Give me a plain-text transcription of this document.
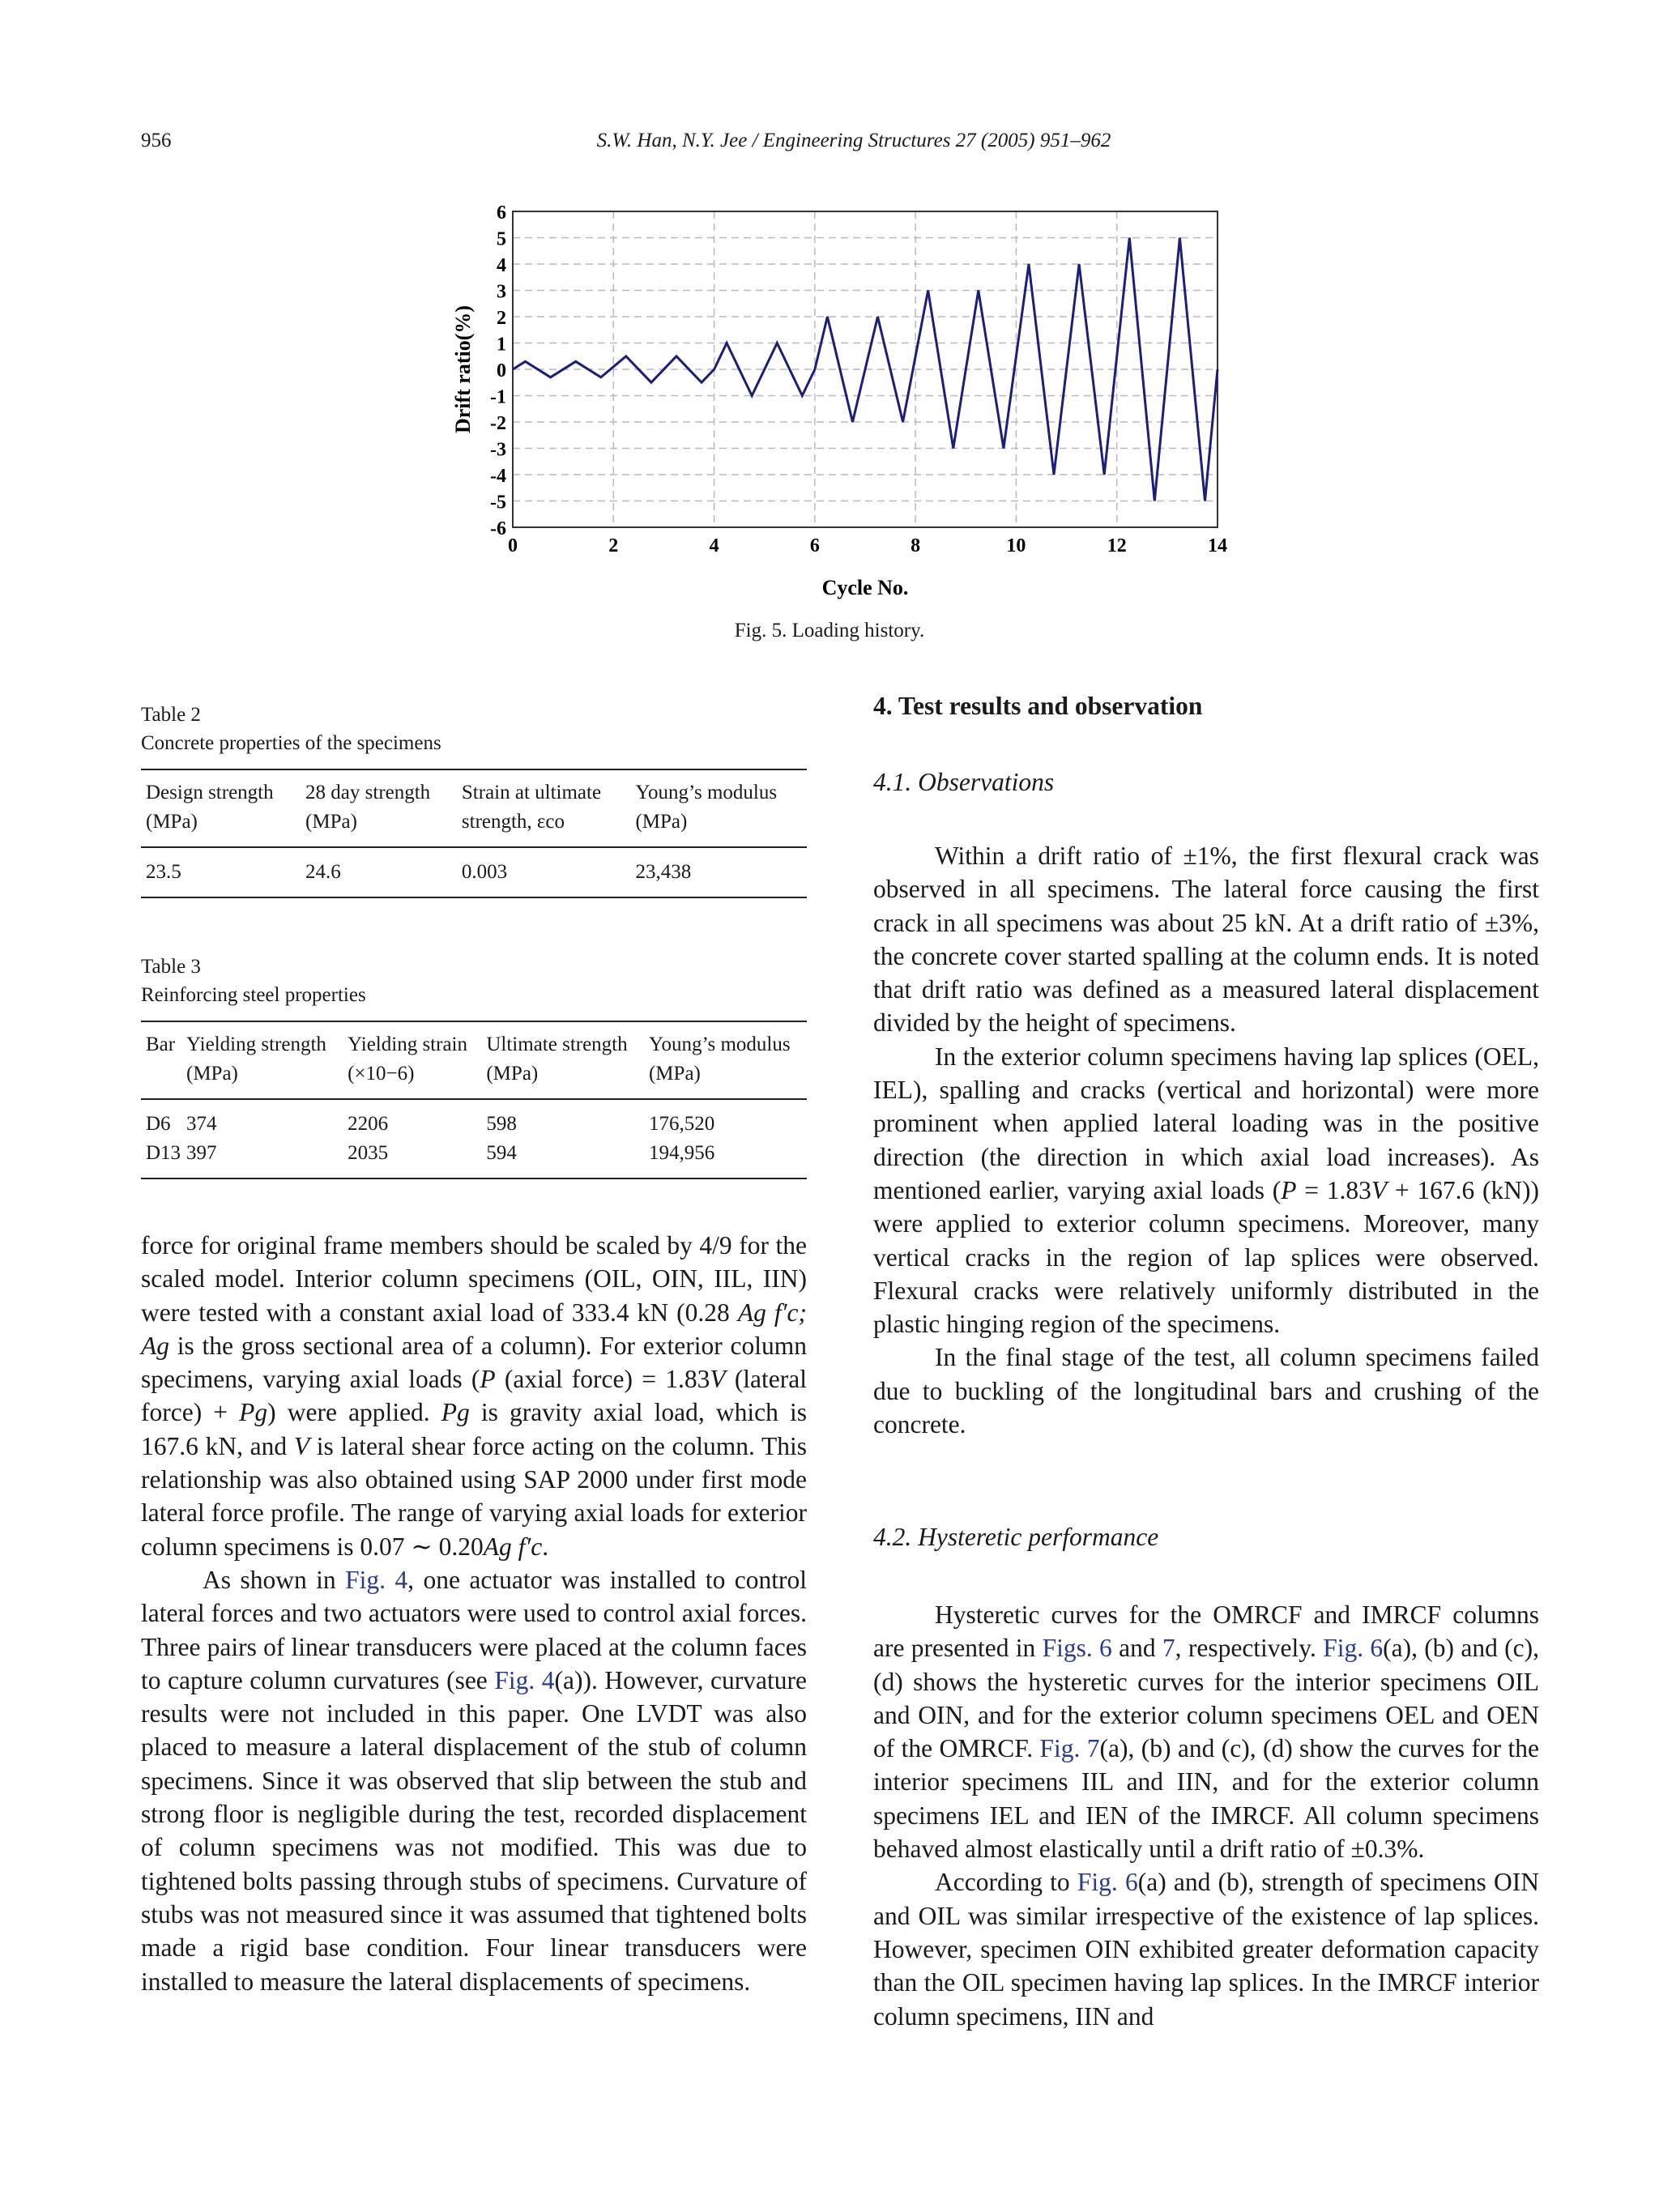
956	S.W. Han, N.Y. Jee / Engineering Structures 27 (2005) 951–962
6
5
4
3
2
1
0
-1
-2
-3
-4
-5
-6
0	2	4	6	8	10	12	14
Drift ratio(%)
Cycle No.
Fig. 5. Loading history.
Table 2
Concrete properties of the specimens
Design strength	28 day strength	Strain at ultimate	Young’s modulus
(MPa)	(MPa)	strength, εco	(MPa)
23.5	24.6	0.003	23,438
Table 3
Reinforcing steel properties
Bar	Yielding strength	Yielding strain	Ultimate strength	Young’s modulus
	(MPa)	(×10−6)	(MPa)	(MPa)
D6	374	2206	598	176,520
D13	397	2035	594	194,956

force for original frame members should be scaled by 4/9 for the scaled model. Interior column specimens (OIL, OIN, IIL, IIN) were tested with a constant axial load of 333.4 kN (0.28 Ag f′c; Ag is the gross sectional area of a column). For exterior column specimens, varying axial loads (P (axial force) = 1.83V (lateral force) + Pg) were applied. Pg is gravity axial load, which is 167.6 kN, and V is lateral shear force acting on the column. This relationship was also obtained using SAP 2000 under first mode lateral force profile. The range of varying axial loads for exterior column specimens is 0.07 ∼ 0.20Ag f′c.

As shown in Fig. 4, one actuator was installed to control lateral forces and two actuators were used to control axial forces. Three pairs of linear transducers were placed at the column faces to capture column curvatures (see Fig. 4(a)). However, curvature results were not included in this paper. One LVDT was also placed to measure a lateral displacement of the stub of column specimens. Since it was observed that slip between the stub and strong floor is negligible during the test, recorded displacement of column specimens was not modified. This was due to tightened bolts passing through stubs of specimens. Curvature of stubs was not measured since it was assumed that tightened bolts made a rigid base condition. Four linear transducers were installed to measure the lateral displacements of specimens.

4. Test results and observation
4.1. Observations

Within a drift ratio of ±1%, the first flexural crack was observed in all specimens. The lateral force causing the first crack in all specimens was about 25 kN. At a drift ratio of ±3%, the concrete cover started spalling at the column ends. It is noted that drift ratio was defined as a measured lateral displacement divided by the height of specimens.

In the exterior column specimens having lap splices (OEL, IEL), spalling and cracks (vertical and horizontal) were more prominent when applied lateral loading was in the positive direction (the direction in which axial load increases). As mentioned earlier, varying axial loads (P = 1.83V + 167.6 (kN)) were applied to exterior column specimens. Moreover, many vertical cracks in the region of lap splices were observed. Flexural cracks were relatively uniformly distributed in the plastic hinging region of the specimens.

In the final stage of the test, all column specimens failed due to buckling of the longitudinal bars and crushing of the concrete.

4.2. Hysteretic performance

Hysteretic curves for the OMRCF and IMRCF columns are presented in Figs. 6 and 7, respectively. Fig. 6(a), (b) and (c), (d) shows the hysteretic curves for the interior specimens OIL and OIN, and for the exterior column specimens OEL and OEN of the OMRCF. Fig. 7(a), (b) and (c), (d) show the curves for the interior specimens IIL and IIN, and for the exterior column specimens IEL and IEN of the IMRCF. All column specimens behaved almost elastically until a drift ratio of ±0.3%.

According to Fig. 6(a) and (b), strength of specimens OIN and OIL was similar irrespective of the existence of lap splices. However, specimen OIN exhibited greater deformation capacity than the OIL specimen having lap splices. In the IMRCF interior column specimens, IIN and
